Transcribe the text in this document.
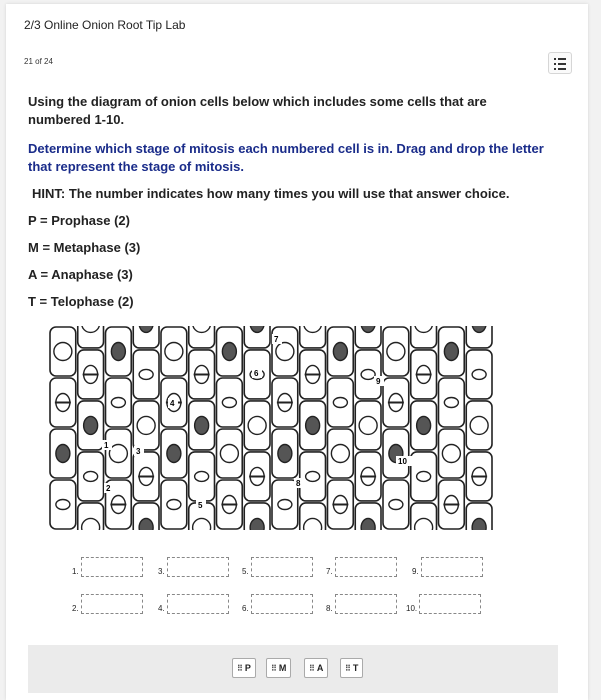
2/3 Online Onion Root Tip Lab
21 of 24
Using the diagram of onion cells below which includes some cells that are numbered 1-10.
Determine which stage of mitosis each numbered cell is in. Drag and drop the letter that represent the stage of mitosis.
HINT: The number indicates how many times you will use that answer choice.
P = Prophase (2)
M = Metaphase (3)
A = Anaphase (3)
T = Telophase (2)
1
2
3
4
5
6
7
8
9
10
1.
2.
3.
4.
5.
6.
7.
8.
9.
10.
⠿ P	⠿ M	⠿ A	⠿ T
